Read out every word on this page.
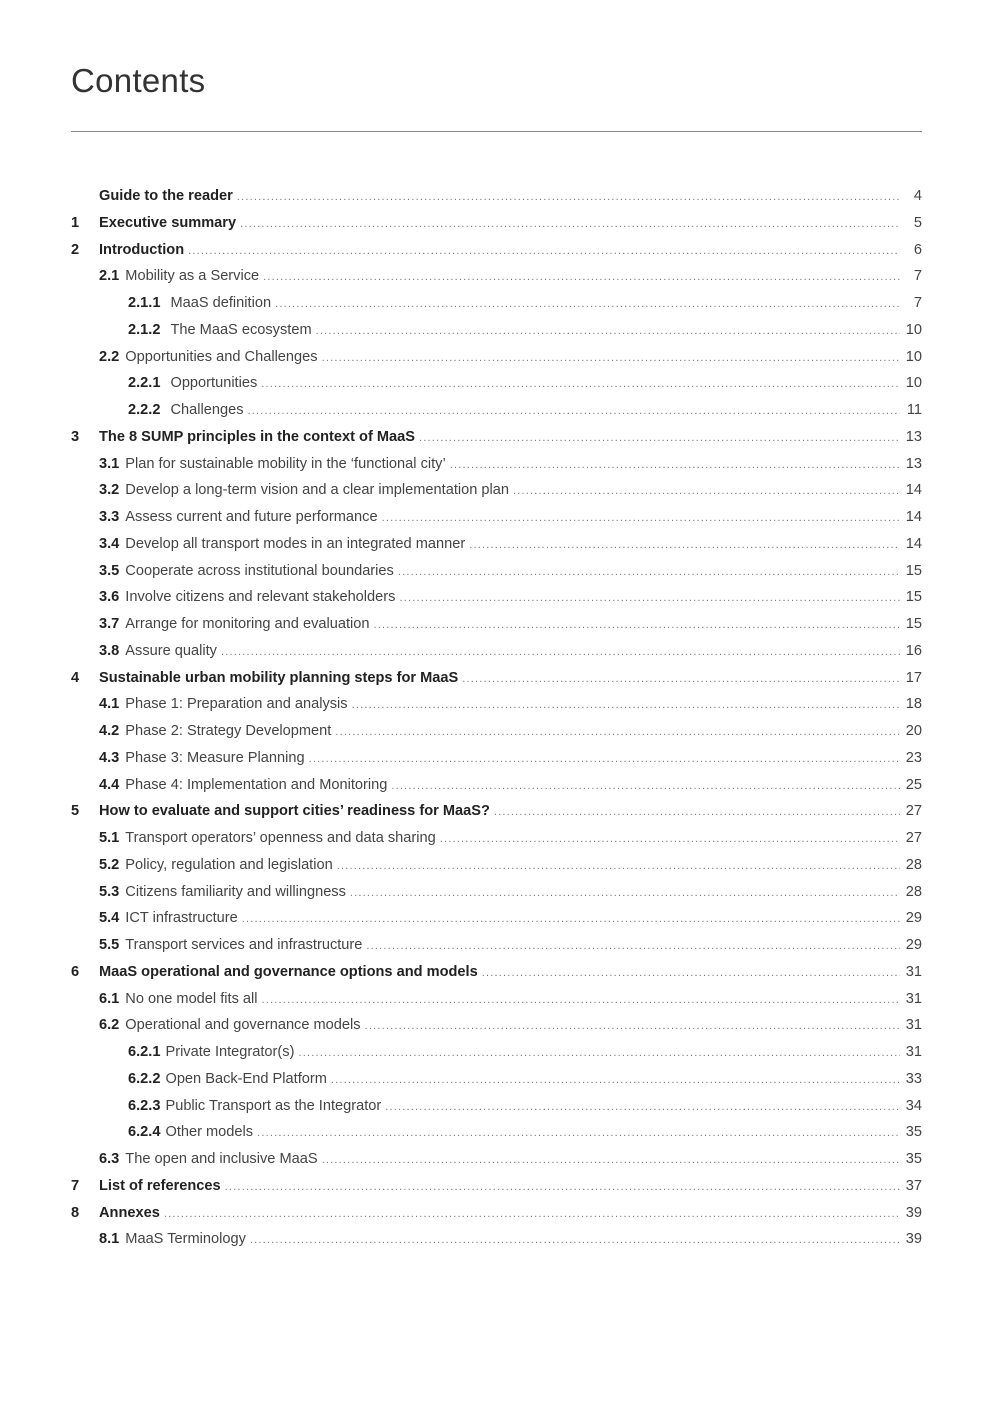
Contents
Guide to the reader .....	4
1 Executive summary .....	5
2 Introduction .....	6
2.1 Mobility as a Service .....	7
2.1.1 MaaS definition .....	7
2.1.2 The MaaS ecosystem .....	10
2.2 Opportunities and Challenges .....	10
2.2.1 Opportunities .....	10
2.2.2 Challenges .....	11
3 The 8 SUMP principles in the context of MaaS .....	13
3.1 Plan for sustainable mobility in the ‘functional city’ .....	13
3.2 Develop a long-term vision and a clear implementation plan .....	14
3.3 Assess current and future performance .....	14
3.4 Develop all transport modes in an integrated manner .....	14
3.5 Cooperate across institutional boundaries .....	15
3.6 Involve citizens and relevant stakeholders .....	15
3.7 Arrange for monitoring and evaluation .....	15
3.8 Assure quality .....	16
4 Sustainable urban mobility planning steps for MaaS .....	17
4.1 Phase 1: Preparation and analysis .....	18
4.2 Phase 2: Strategy Development .....	20
4.3 Phase 3: Measure Planning .....	23
4.4 Phase 4: Implementation and Monitoring .....	25
5 How to evaluate and support cities’ readiness for MaaS? .....	27
5.1 Transport operators’ openness and data sharing .....	27
5.2 Policy, regulation and legislation .....	28
5.3 Citizens familiarity and willingness .....	28
5.4 ICT infrastructure .....	29
5.5 Transport services and infrastructure .....	29
6 MaaS operational and governance options and models .....	31
6.1 No one model fits all .....	31
6.2 Operational and governance models .....	31
6.2.1 Private Integrator(s) .....	31
6.2.2 Open Back-End Platform .....	33
6.2.3 Public Transport as the Integrator .....	34
6.2.4 Other models .....	35
6.3 The open and inclusive MaaS .....	35
7 List of references .....	37
8 Annexes .....	39
8.1 MaaS Terminology .....	39
